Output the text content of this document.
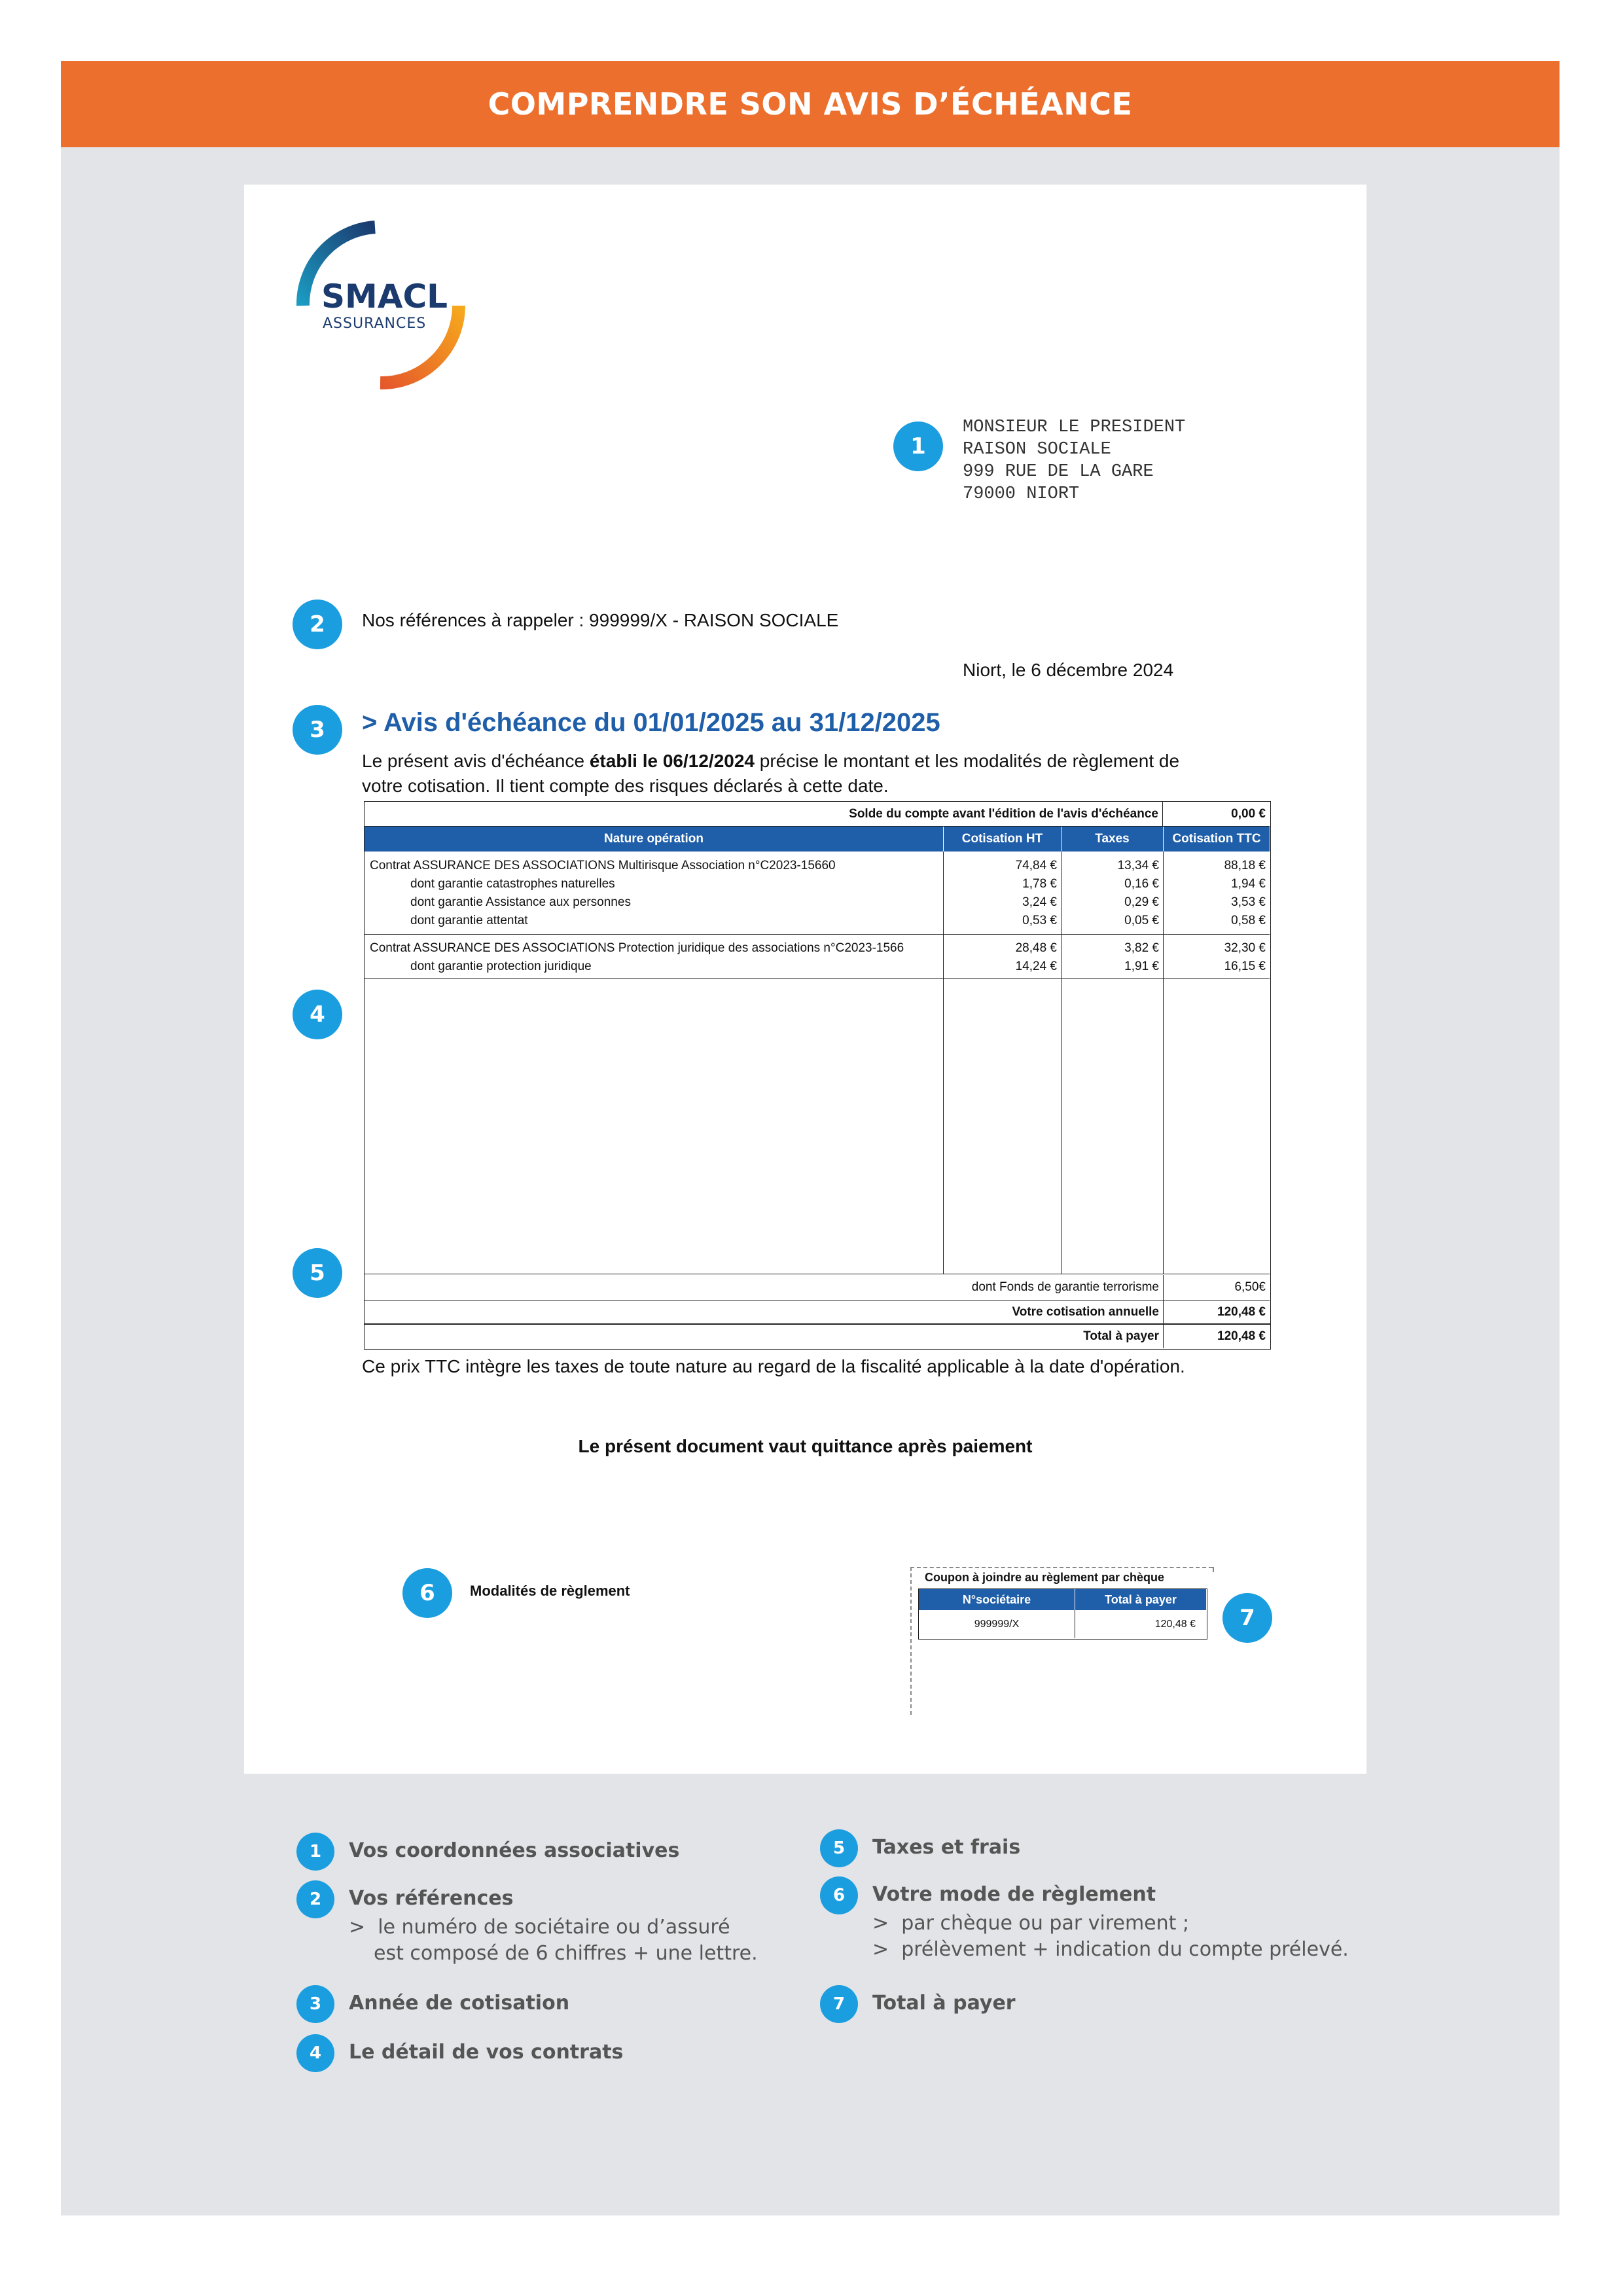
COMPRENDRE SON AVIS D’ÉCHÉANCE
SMACL
ASSURANCES
1
MONSIEUR LE PRESIDENT
RAISON SOCIALE
999 RUE DE LA GARE
79000 NIORT
2	Nos références à rappeler : 999999/X - RAISON SOCIALE
Niort, le 6 décembre 2024
3	> Avis d'échéance du 01/01/2025 au 31/12/2025
Le présent avis d'échéance établi le 06/12/2024 précise le montant et les modalités de règlement de
votre cotisation. Il tient compte des risques déclarés à cette date.
4
Solde du compte avant l'édition de l'avis d'échéance	0,00 €
Nature opération	Cotisation HT	Taxes	Cotisation TTC
Contrat ASSURANCE DES ASSOCIATIONS Multirisque Association n°C2023-15660	74,84 €	13,34 €	88,18 €
dont garantie catastrophes naturelles	1,78 €	0,16 €	1,94 €
dont garantie Assistance aux personnes	3,24 €	0,29 €	3,53 €
dont garantie attentat	0,53 €	0,05 €	0,58 €
Contrat ASSURANCE DES ASSOCIATIONS Protection juridique des associations n°C2023-1566	28,48 €	3,82 €	32,30 €
dont garantie protection juridique	14,24 €	1,91 €	16,15 €
dont Fonds de garantie terrorisme	6,50€
Votre cotisation annuelle	120,48 €
Total à payer	120,48 €
5
Ce prix TTC intègre les taxes de toute nature au regard de la fiscalité applicable à la date d'opération.
Le présent document vaut quittance après paiement
6	Modalités de règlement
Coupon à joindre au règlement par chèque
N°sociétaire	Total à payer
999999/X	120,48 €	7
1	Vos coordonnées associatives
2	Vos références
> le numéro de sociétaire ou d’assuré
est composé de 6 chiffres + une lettre.
3	Année de cotisation
4	Le détail de vos contrats
5	Taxes et frais
6	Votre mode de règlement
> par chèque ou par virement ;
> prélèvement + indication du compte prélevé.
7	Total à payer
